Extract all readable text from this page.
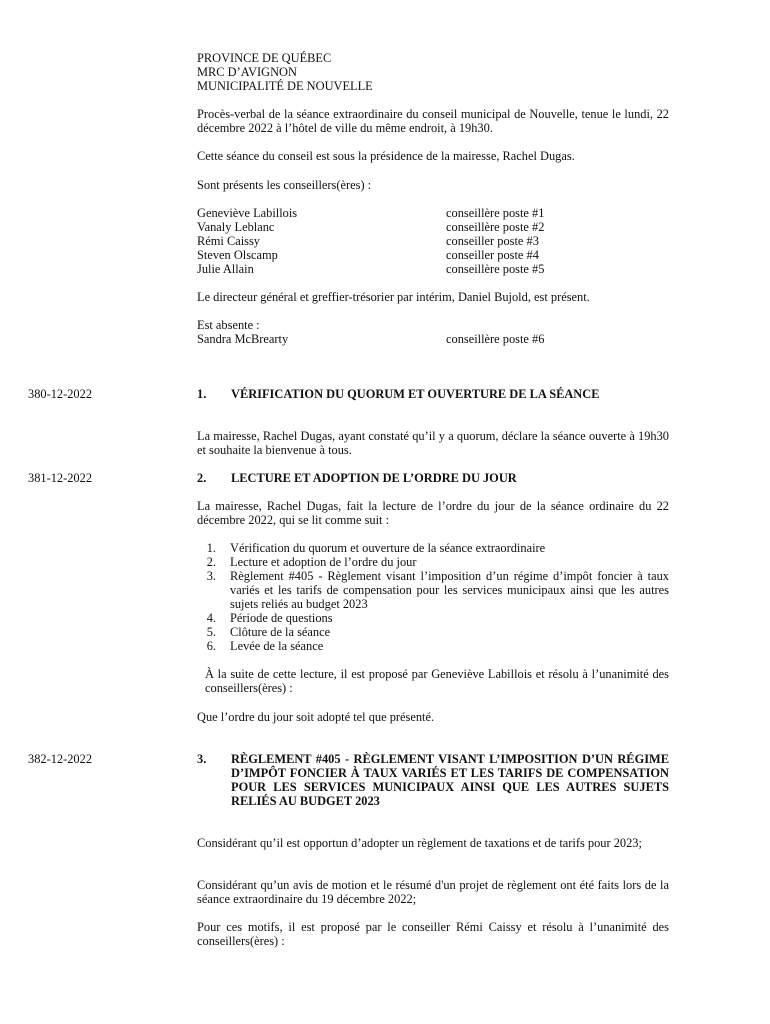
PROVINCE DE QUÉBEC

MRC D’AVIGNON

MUNICIPALITÉ DE NOUVELLE

Procès-verbal de la séance extraordinaire du conseil municipal de Nouvelle, tenue le lundi, 22 décembre 2022 à l’hôtel de ville du même endroit, à 19h30.

Cette séance du conseil est sous la présidence de la mairesse, Rachel Dugas.

Sont présents les conseillers(ères) :

Geneviève Labillois	conseillère poste #1
Vanaly Leblanc	conseillère poste #2
Rémi Caissy	conseiller poste #3
Steven Olscamp	conseiller poste #4
Julie Allain	conseillère poste #5

Le directeur général et greffier-trésorier par intérim, Daniel Bujold, est présent.

Est absente :

Sandra McBrearty	conseillère poste #6
380-12-2022	1. VÉRIFICATION DU QUORUM ET OUVERTURE DE LA SÉANCE

La mairesse, Rachel Dugas, ayant constaté qu’il y a quorum, déclare la séance ouverte à 19h30 et souhaite la bienvenue à tous.

381-12-2022	2. LECTURE ET ADOPTION DE L’ORDRE DU JOUR

La mairesse, Rachel Dugas, fait la lecture de l’ordre du jour de la séance ordinaire du 22 décembre 2022, qui se lit comme suit :

1.	Vérification du quorum et ouverture de la séance extraordinaire
2.	Lecture et adoption de l’ordre du jour
3.	Règlement #405 - Règlement visant l’imposition d’un régime d’impôt foncier à taux variés et les tarifs de compensation pour les services municipaux ainsi que les autres sujets reliés au budget 2023
4.	Période de questions
5.	Clôture de la séance
6.	Levée de la séance

À la suite de cette lecture, il est proposé par Geneviève Labillois et résolu à l’unanimité des conseillers(ères) :

Que l’ordre du jour soit adopté tel que présenté.

382-12-2022	3. RÈGLEMENT #405 - RÈGLEMENT VISANT L’IMPOSITION D’UN RÉGIME D’IMPÔT FONCIER À TAUX VARIÉS ET LES TARIFS DE COMPENSATION POUR LES SERVICES MUNICIPAUX AINSI QUE LES AUTRES SUJETS RELIÉS AU BUDGET 2023

Considérant qu’il est opportun d’adopter un règlement de taxations et de tarifs pour 2023;

Considérant qu’un avis de motion et le résumé d'un projet de règlement ont été faits lors de la séance extraordinaire du 19 décembre 2022;

Pour ces motifs, il est proposé par le conseiller Rémi Caissy et résolu à l’unanimité des conseillers(ères) :
